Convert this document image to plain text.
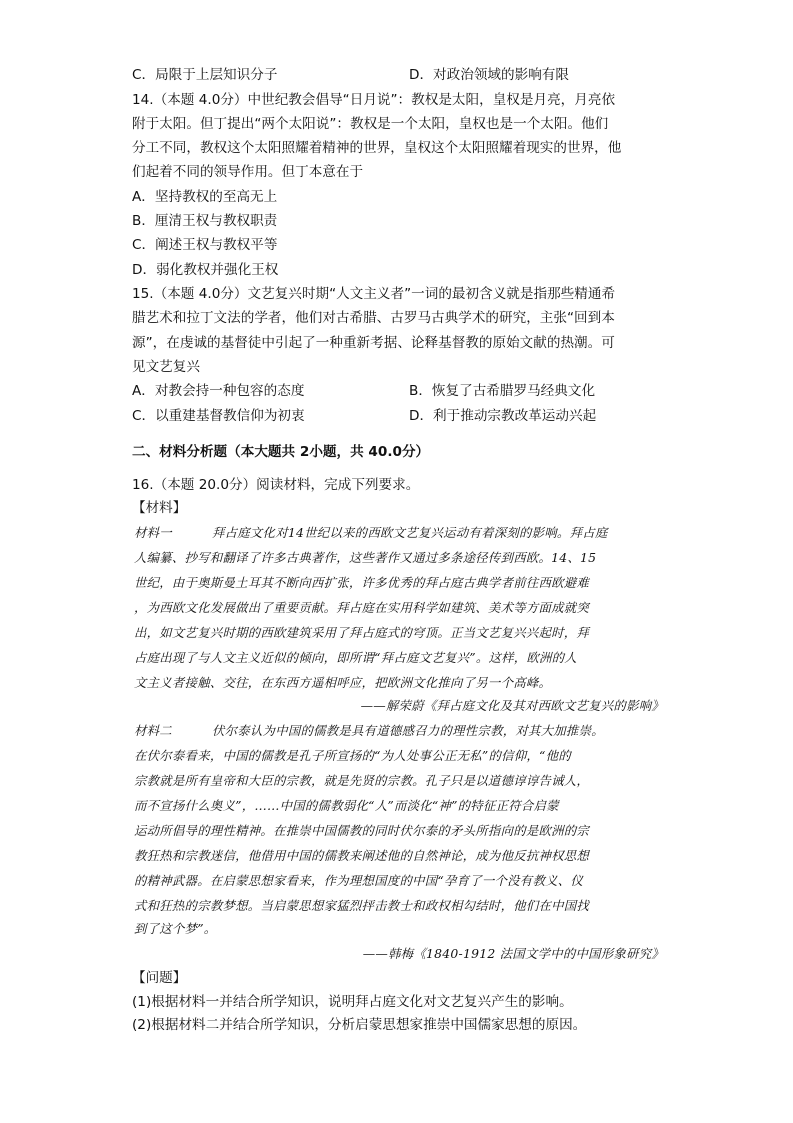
C．局限于上层知识分子	D．对政治领域的影响有限
14.（本题 4.0分）中世纪教会倡导“日月说”：教权是太阳，皇权是月亮，月亮依
附于太阳。但丁提出“两个太阳说”：教权是一个太阳，皇权也是一个太阳。他们
分工不同，教权这个太阳照耀着精神的世界，皇权这个太阳照耀着现实的世界，他
们起着不同的领导作用。但丁本意在于
A．坚持教权的至高无上
B．厘清王权与教权职责
C．阐述王权与教权平等
D．弱化教权并强化王权
15.（本题 4.0分）文艺复兴时期“人文主义者”一词的最初含义就是指那些精通希
腊艺术和拉丁文法的学者，他们对古希腊、古罗马古典学术的研究，主张“回到本
源”，在虔诚的基督徒中引起了一种重新考据、论释基督教的原始文献的热潮。可
见文艺复兴
A．对教会持一种包容的态度	B．恢复了古希腊罗马经典文化
C．以重建基督教信仰为初衷	D．利于推动宗教改革运动兴起
二、材料分析题（本大题共 2小题，共 40.0分）
16.（本题 20.0分）阅读材料，完成下列要求。
【材料】
材料一	拜占庭文化对14世纪以来的西欧文艺复兴运动有着深刻的影响。拜占庭
人编纂、抄写和翻译了许多古典著作，这些著作又通过多条途径传到西欧。14、15
世纪，由于奥斯曼土耳其不断向西扩张，许多优秀的拜占庭古典学者前往西欧避难
，为西欧文化发展做出了重要贡献。拜占庭在实用科学如建筑、美术等方面成就突
出，如文艺复兴时期的西欧建筑采用了拜占庭式的穹顶。正当文艺复兴兴起时，拜
占庭出现了与人文主义近似的倾向，即所谓“拜占庭文艺复兴”。这样，欧洲的人
文主义者接触、交往，在东西方遥相呼应，把欧洲文化推向了另一个高峰。
——解荣蔚《拜占庭文化及其对西欧文艺复兴的影响》
材料二	伏尔泰认为中国的儒教是具有道德感召力的理性宗教，对其大加推崇。
在伏尔泰看来，中国的儒教是孔子所宣扬的“为人处事公正无私”的信仰，“他的
宗教就是所有皇帝和大臣的宗教，就是先贤的宗教。孔子只是以道德谆谆告诫人，
而不宣扬什么奥义”，……中国的儒教弱化“人”而淡化“神”的特征正符合启蒙
运动所倡导的理性精神。在推崇中国儒教的同时伏尔泰的矛头所指向的是欧洲的宗
教狂热和宗教迷信，他借用中国的儒教来阐述他的自然神论，成为他反抗神权思想
的精神武器。在启蒙思想家看来，作为理想国度的中国“孕育了一个没有教义、仪
式和狂热的宗教梦想。当启蒙思想家猛烈抨击教士和政权相勾结时，他们在中国找
到了这个梦”。
——韩梅《1840-1912 法国文学中的中国形象研究》
【问题】
(1)根据材料一并结合所学知识，说明拜占庭文化对文艺复兴产生的影响。
(2)根据材料二并结合所学知识，分析启蒙思想家推崇中国儒家思想的原因。
